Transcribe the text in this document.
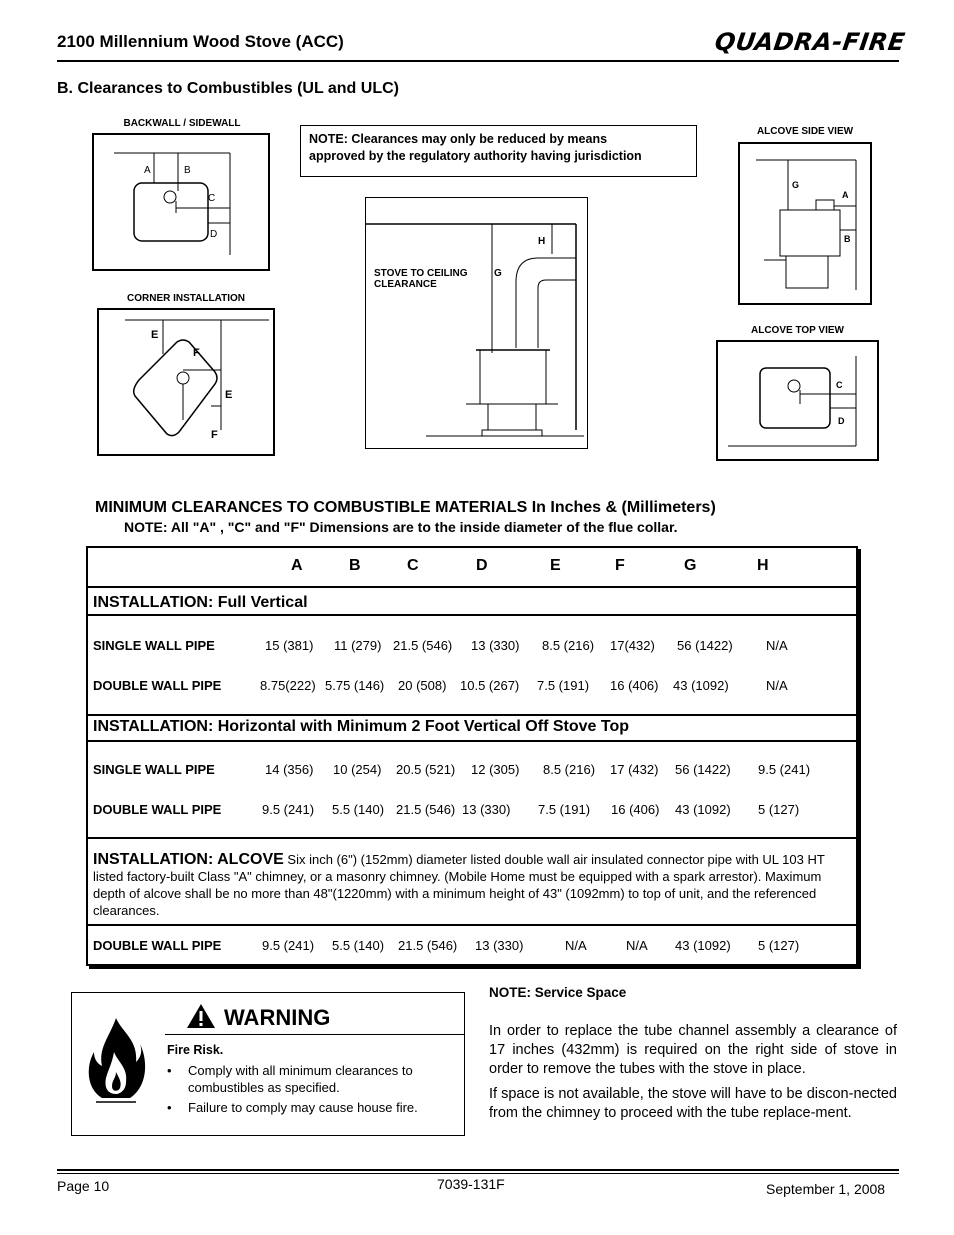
2100 Millennium Wood Stove (ACC)	QUADRA-FIRE
B. Clearances to Combustibles (UL and ULC)
BACKWALL / SIDEWALL
A	B
C
D
CORNER INSTALLATION
E
F
E
F
NOTE: Clearances may only be reduced by means
approved by the regulatory authority having jurisdiction
STOVE TO CEILING
CLEARANCE
H
G
ALCOVE SIDE VIEW
G
A
B
ALCOVE TOP VIEW
C
D
MINIMUM CLEARANCES TO COMBUSTIBLE MATERIALS In Inches & (Millimeters)
NOTE: All "A" , "C" and "F" Dimensions are to the inside diameter of the flue collar.
A	B	C	D	E	F	G	H
INSTALLATION: Full Vertical
SINGLE WALL PIPE	15 (381) 11 (279) 21.5 (546) 13 (330) 8.5 (216) 17(432) 56 (1422)	N/A
DOUBLE WALL PIPE	8.75(222) 5.75 (146) 20 (508) 10.5 (267) 7.5 (191) 16 (406) 43 (1092)	N/A
INSTALLATION: Horizontal with Minimum 2 Foot Vertical Off Stove Top
SINGLE WALL PIPE	14 (356) 10 (254) 20.5 (521) 12 (305) 8.5 (216) 17 (432) 56 (1422) 9.5 (241)
DOUBLE WALL PIPE	9.5 (241) 5.5 (140) 21.5 (546) 13 (330) 7.5 (191) 16 (406) 43 (1092) 5 (127)
INSTALLATION: ALCOVE Six inch (6") (152mm) diameter listed double wall air insulated connector pipe with UL 103 HT listed factory-built Class "A" chimney, or a masonry chimney. (Mobile Home must be equipped with a spark arrestor). Maximum depth of alcove shall be no more than 48"(1220mm) with a minimum height of 43" (1092mm) to top of unit, and the referenced clearances.
DOUBLE WALL PIPE	9.5 (241) 5.5 (140) 21.5 (546) 13 (330)	N/A	N/A 43 (1092) 5 (127)
WARNING
Fire Risk.
• Comply with all minimum clearances to combustibles as specified.
• Failure to comply may cause house fire.
NOTE: Service Space
In order to replace the tube channel assembly a clearance of 17 inches (432mm) is required on the right side of stove in order to remove the tubes with the stove in place.
If space is not available, the stove will have to be discon-nected from the chimney to proceed with the tube replace-ment.
Page 10	7039-131F	September 1, 2008
